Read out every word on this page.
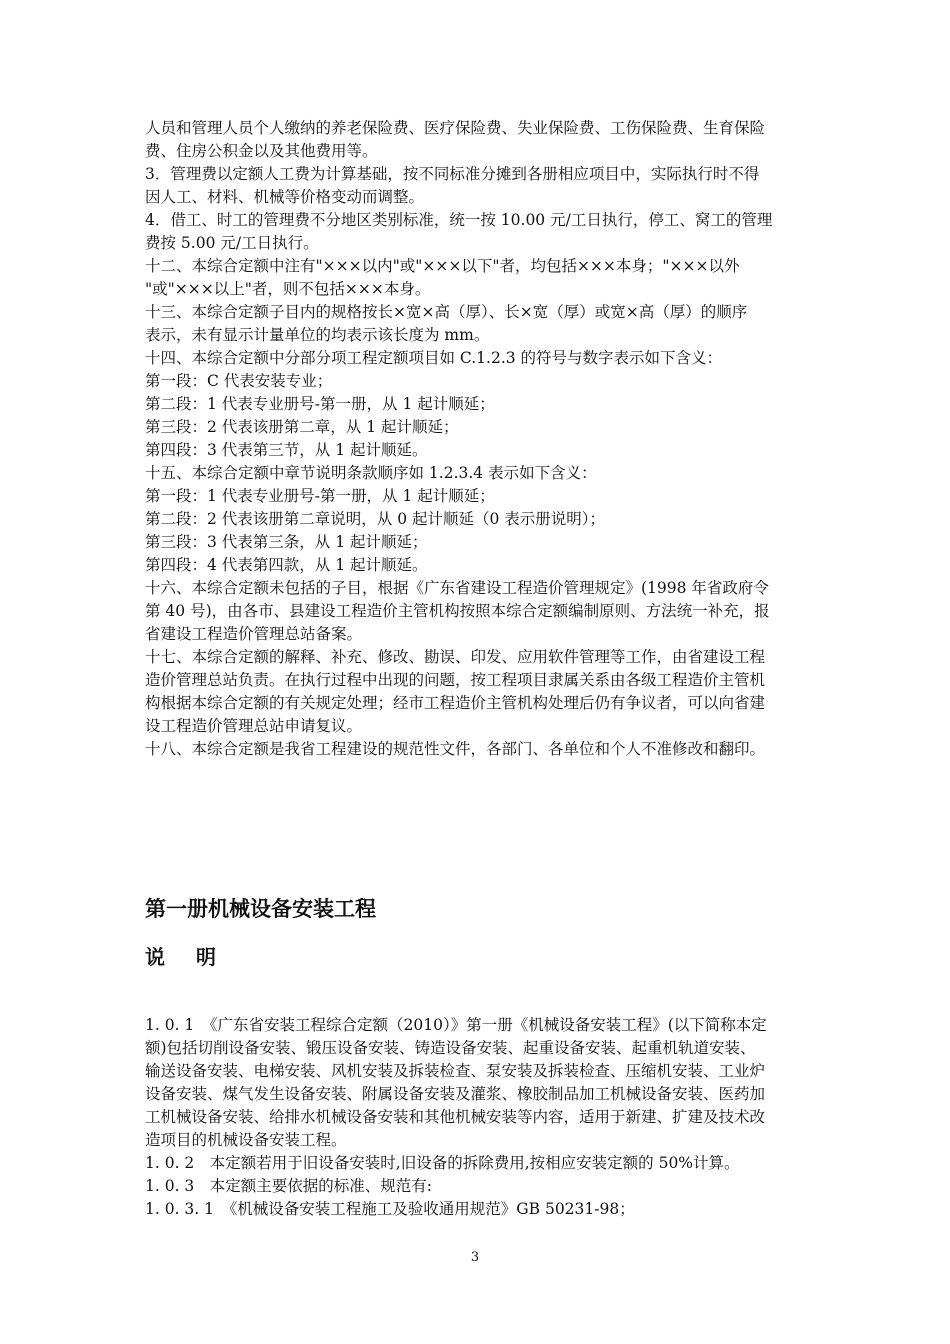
人员和管理人员个人缴纳的养老保险费、医疗保险费、失业保险费、工伤保险费、生育保险
费、住房公积金以及其他费用等。
3．管理费以定额人工费为计算基础，按不同标准分摊到各册相应项目中，实际执行时不得
因人工、材料、机械等价格变动而调整。
4．借工、时工的管理费不分地区类别标准，统一按 10.00 元/工日执行，停工、窝工的管理
费按 5.00 元/工日执行。
十二、本综合定额中注有"×××以内"或"×××以下"者，均包括×××本身；"×××以外
"或"×××以上"者，则不包括×××本身。
十三、本综合定额子目内的规格按长×宽×高（厚）、长×宽（厚）或宽×高（厚）的顺序
表示，未有显示计量单位的均表示该长度为 mm。
十四、本综合定额中分部分项工程定额项目如 C.1.2.3 的符号与数字表示如下含义：
第一段：C 代表安装专业；
第二段：1 代表专业册号-第一册，从 1 起计顺延；
第三段：2 代表该册第二章，从 1 起计顺延；
第四段：3 代表第三节，从 1 起计顺延。
十五、本综合定额中章节说明条款顺序如 1.2.3.4 表示如下含义：
第一段：1 代表专业册号-第一册，从 1 起计顺延；
第二段：2 代表该册第二章说明，从 0 起计顺延（0 表示册说明）；
第三段：3 代表第三条，从 1 起计顺延；
第四段：4 代表第四款，从 1 起计顺延。
十六、本综合定额未包括的子目，根据《广东省建设工程造价管理规定》(1998 年省政府令
第 40 号)，由各市、县建设工程造价主管机构按照本综合定额编制原则、方法统一补充，报
省建设工程造价管理总站备案。
十七、本综合定额的解释、补充、修改、勘误、印发、应用软件管理等工作，由省建设工程
造价管理总站负责。在执行过程中出现的问题，按工程项目隶属关系由各级工程造价主管机
构根据本综合定额的有关规定处理；经市工程造价主管机构处理后仍有争议者，可以向省建
设工程造价管理总站申请复议。
十八、本综合定额是我省工程建设的规范性文件，各部门、各单位和个人不准修改和翻印。
第一册机械设备安装工程
说 明
1. 0. 1　《广东省安装工程综合定额（2010）》第一册《机械设备安装工程》(以下简称本定
额)包括切削设备安装、锻压设备安装、铸造设备安装、起重设备安装、起重机轨道安装、
输送设备安装、电梯安装、风机安装及拆装检查、泵安装及拆装检查、压缩机安装、工业炉
设备安装、煤气发生设备安装、附属设备安装及灌浆、橡胶制品加工机械设备安装、医药加
工机械设备安装、给排水机械设备安装和其他机械安装等内容，适用于新建、扩建及技术改
造项目的机械设备安装工程。
1. 0. 2　本定额若用于旧设备安装时,旧设备的拆除费用,按相应安装定额的 50%计算。
1. 0. 3　本定额主要依据的标准、规范有:
1. 0. 3. 1　《机械设备安装工程施工及验收通用规范》GB 50231-98；
3
